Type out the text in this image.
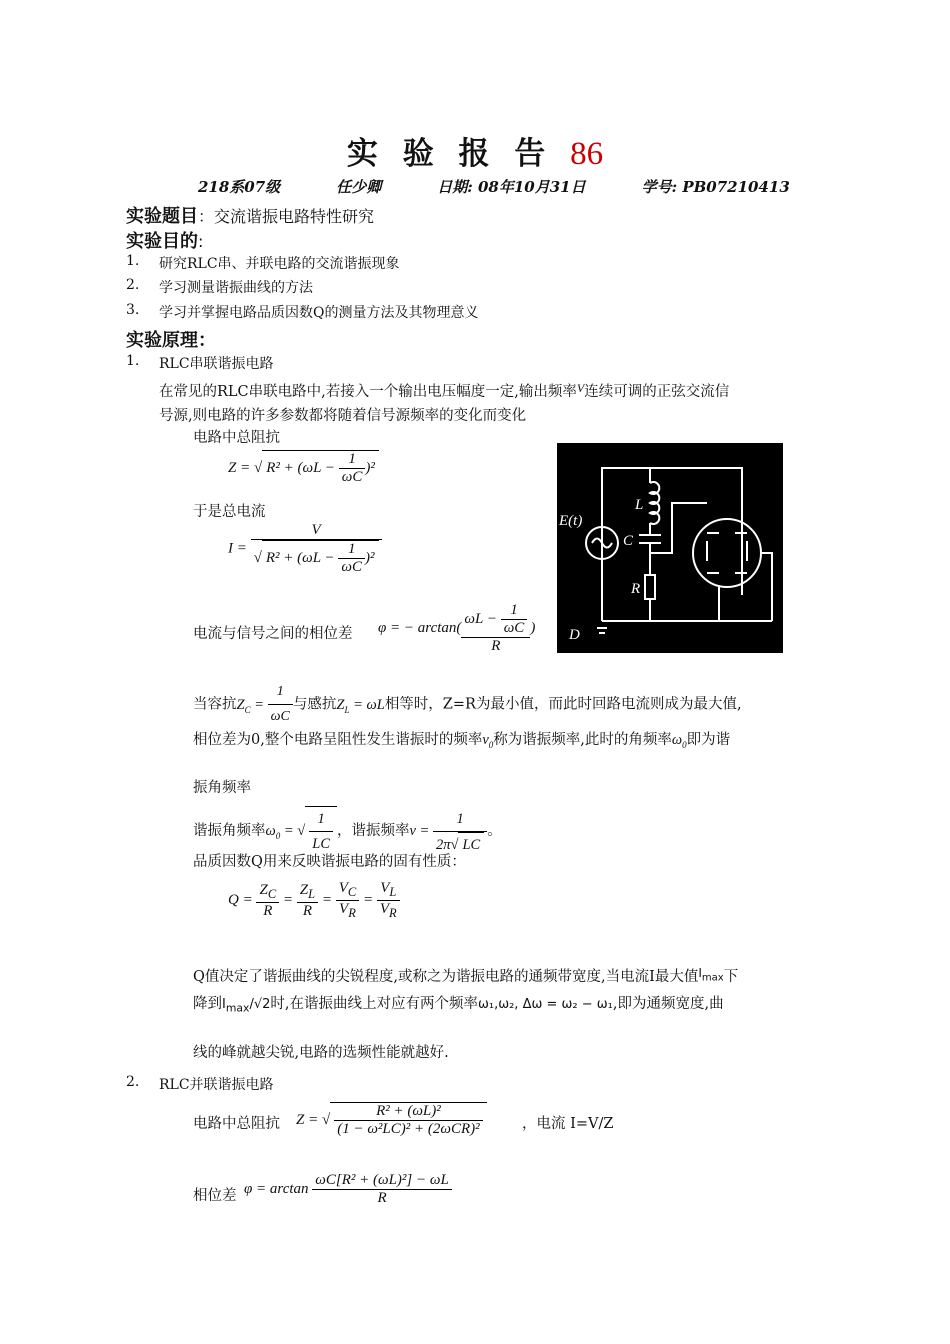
实 验 报 告 86
218系07级	任少卿	日期: 08年10月31日	学号: PB07210413
实验题目：交流谐振电路特性研究
实验目的:
1. 研究RLC串、并联电路的交流谐振现象
2. 学习测量谐振曲线的方法
3. 学习并掌握电路品质因数Q的测量方法及其物理意义
实验原理：
1. RLC串联谐振电路
在常见的RLC串联电路中,若接入一个输出电压幅度一定,输出频率$^V$连续可调的正弦交流信
号源,则电路的许多参数都将随着信号源频率的变化而变化
电路中总阻抗
Z = √ $R^2 + (\omega L - \frac{1}{\omega C} )^2$
于是总电流
$I = \frac{V}{√ R^2 + (\omega L - \frac{1}{\omega C} )^2}$
电流与信号之间的相位差 φ = − $\arctan( \frac{\omega L - \frac{1}{\omega C}}{R}$ )
E(t)
L
C
R
D
当容抗$Z_C = \frac{1}{\omega C}$ 与感抗$Z_L = \omega L$相等时，Z=R为最小值，而此时回路电流则成为最大值,
相位差为0,整个电路呈阻性发生谐振时的频率$\nu_0$称为谐振频率,此时的角频率$\omega_0$即为谐
振角频率
谐振角频率$\omega_0$ = √ $\frac{1}{LC}$ ，谐振频率$\nu = \frac{1}{2\pi√ LC}$ 。
品质因数Q用来反映谐振电路的固有性质：
$Q = \frac{Z_C}{R} = \frac{Z_L}{R} = \frac{V_C}{V_R} = \frac{V_L}{V_R}$
Q值决定了谐振曲线的尖锐程度,或称之为谐振电路的通频带宽度,当电流I最大值$^{I_{max}}$下
降到$I_{max}/√2$时,在谐振曲线上对应有两个频率ω₁,ω₂, Δω = ω₂ − ω₁,即为通频宽度,曲
线的峰就越尖锐,电路的选频性能就越好.
2. RLC并联谐振电路
电路中总阻抗 Z = √ $\frac{\text{R² + (ωL)²}}{\text{(1 − ω²LC)² + (2ωCR)²}}$	，电流 I=V/Z
相位差 $\varphi = \arctan \frac{\text{ωC[R² + (ωL)²] − ωL}}{R}$
